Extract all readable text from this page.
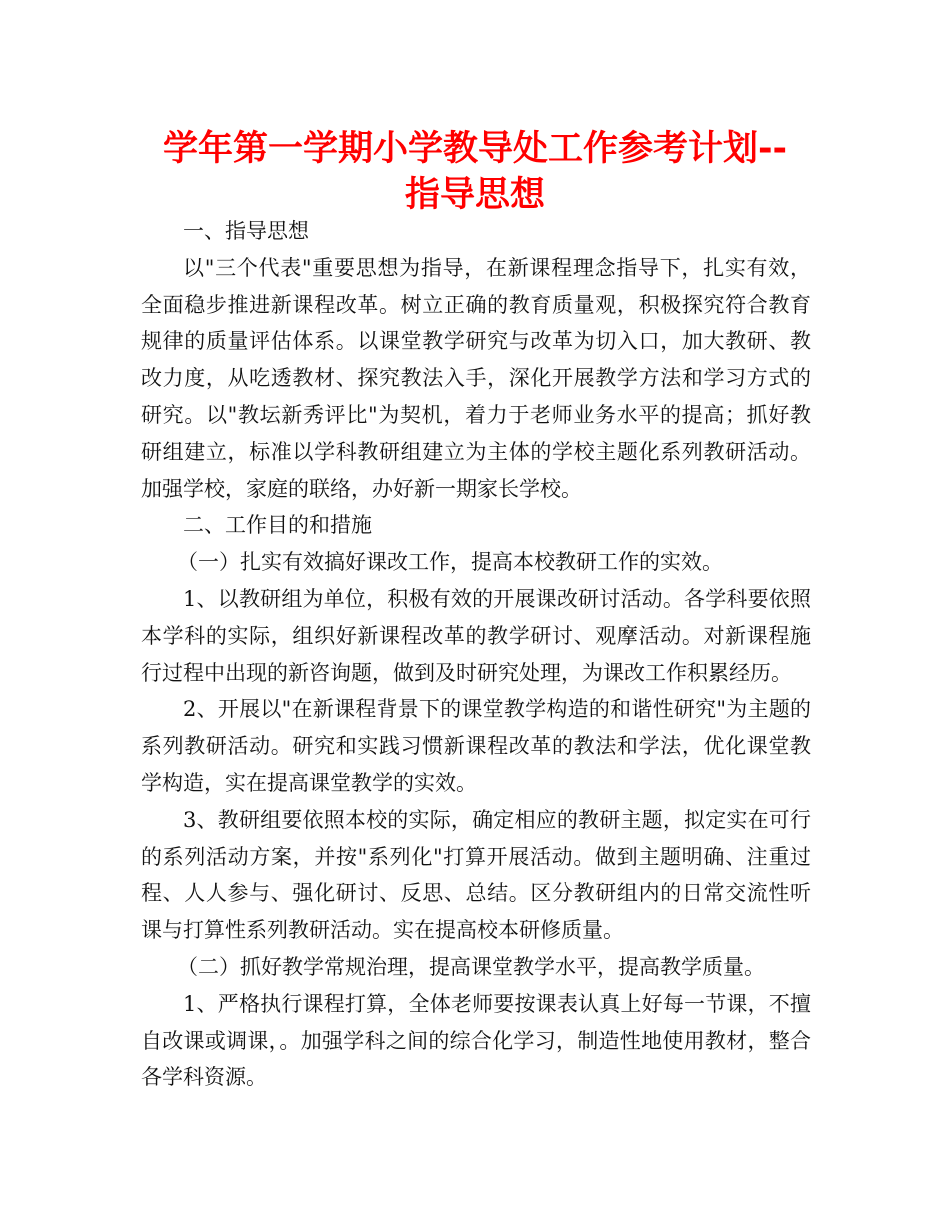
学年第一学期小学教导处工作参考计划--
指导思想

一、指导思想

以"三个代表"重要思想为指导，在新课程理念指导下，扎实有效，全面稳步推进新课程改革。树立正确的教育质量观，积极探究符合教育规律的质量评估体系。以课堂教学研究与改革为切入口，加大教研、教改力度，从吃透教材、探究教法入手，深化开展教学方法和学习方式的研究。以"教坛新秀评比"为契机，着力于老师业务水平的提高；抓好教研组建立，标准以学科教研组建立为主体的学校主题化系列教研活动。加强学校，家庭的联络，办好新一期家长学校。

二、工作目的和措施

（一）扎实有效搞好课改工作，提高本校教研工作的实效。

1、以教研组为单位，积极有效的开展课改研讨活动。各学科要依照本学科的实际，组织好新课程改革的教学研讨、观摩活动。对新课程施行过程中出现的新咨询题，做到及时研究处理，为课改工作积累经历。

2、开展以"在新课程背景下的课堂教学构造的和谐性研究"为主题的系列教研活动。研究和实践习惯新课程改革的教法和学法，优化课堂教学构造，实在提高课堂教学的实效。

3、教研组要依照本校的实际，确定相应的教研主题，拟定实在可行的系列活动方案，并按"系列化"打算开展活动。做到主题明确、注重过程、人人参与、强化研讨、反思、总结。区分教研组内的日常交流性听课与打算性系列教研活动。实在提高校本研修质量。

（二）抓好教学常规治理，提高课堂教学水平，提高教学质量。

1、严格执行课程打算，全体老师要按课表认真上好每一节课，不擅自改课或调课，。加强学科之间的综合化学习，制造性地使用教材，整合各学科资源。
